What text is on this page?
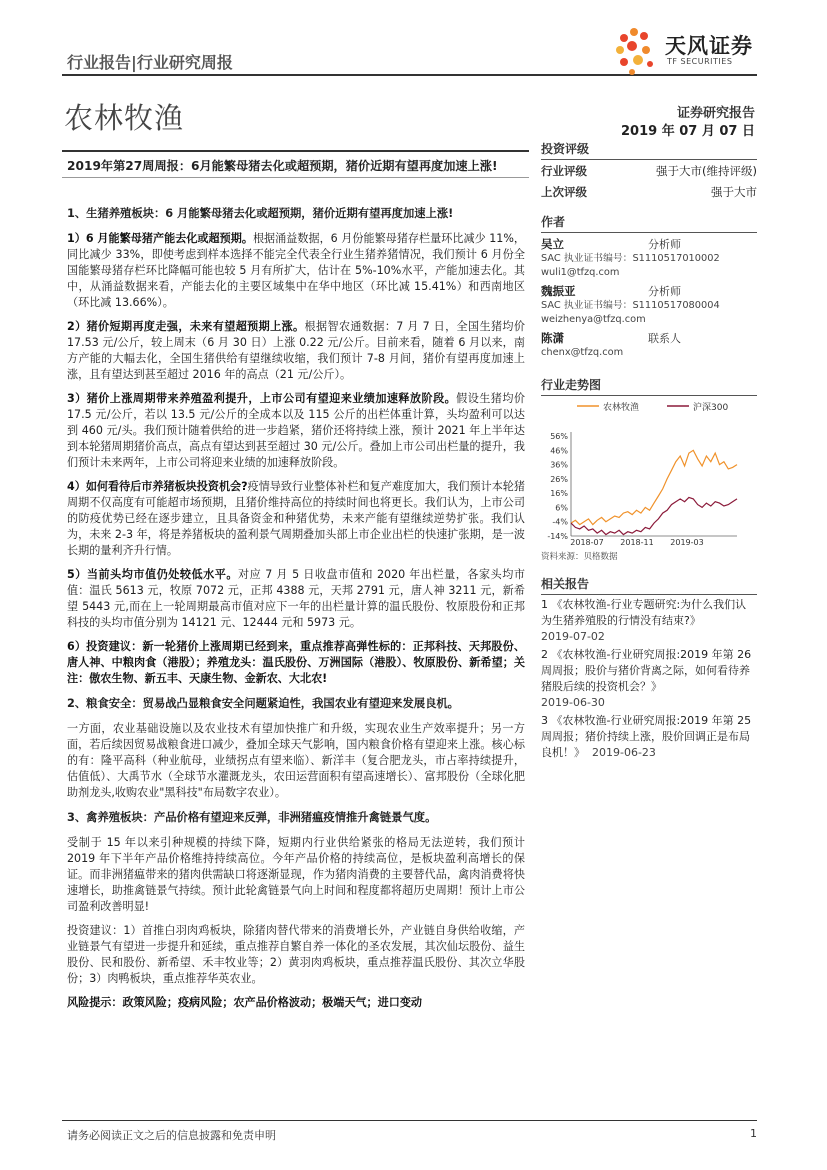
行业报告|行业研究周报
农林牧渔
天风证券
TF SECURITIES
证券研究报告
2019 年 07 月 07 日
2019年第27周周报：6月能繁母猪去化或超预期，猪价近期有望再度加速上涨!
1、生猪养殖板块：6 月能繁母猪去化或超预期，猪价近期有望再度加速上涨!

1）6 月能繁母猪产能去化或超预期。根据涌益数据，6 月份能繁母猪存栏量环比减少 11%，同比减少 33%，即使考虑到样本选择不能完全代表全行业生猪养猪情况，我们预计 6 月份全国能繁母猪存栏环比降幅可能也较 5 月有所扩大，估计在 5%-10%水平，产能加速去化。其中，从涌益数据来看，产能去化的主要区域集中在华中地区（环比减 15.41%）和西南地区（环比减 13.66%）。

2）猪价短期再度走强，未来有望超预期上涨。根据智农通数据：7 月 7 日，全国生猪均价 17.53 元/公斤，较上周末（6 月 30 日）上涨 0.22 元/公斤。目前来看，随着 6 月以来，南方产能的大幅去化，全国生猪供给有望继续收缩，我们预计 7-8 月间，猪价有望再度加速上涨，且有望达到甚至超过 2016 年的高点（21 元/公斤）。

3）猪价上涨周期带来养殖盈利提升，上市公司有望迎来业绩加速释放阶段。假设生猪均价 17.5 元/公斤，若以 13.5 元/公斤的全成本以及 115 公斤的出栏体重计算，头均盈利可以达到 460 元/头。我们预计随着供给的进一步趋紧，猪价还将持续上涨，预计 2021 年上半年达到本轮猪周期猪价高点，高点有望达到甚至超过 30 元/公斤。叠加上市公司出栏量的提升，我们预计未来两年，上市公司将迎来业绩的加速释放阶段。

4）如何看待后市养猪板块投资机会?疫情导致行业整体补栏和复产难度加大，我们预计本轮猪周期不仅高度有可能超市场预期，且猪价维持高位的持续时间也将更长。我们认为，上市公司的防疫优势已经在逐步建立，且具备资金和种猪优势，未来产能有望继续逆势扩张。我们认为，未来 2-3 年，将是养猪板块的盈利景气周期叠加头部上市企业出栏的快速扩张期，是一波长期的量利齐升行情。

5）当前头均市值仍处较低水平。对应 7 月 5 日收盘市值和 2020 年出栏量，各家头均市值：温氏 5613 元，牧原 7072 元，正邦 4388 元，天邦 2791 元，唐人神 3211 元，新希望 5443 元,而在上一轮周期最高市值对应下一年的出栏量计算的温氏股份、牧原股份和正邦科技的头均市值分别为 14121 元、12444 元和 5973 元。

6）投资建议：新一轮猪价上涨周期已经到来，重点推荐高弹性标的：正邦科技、天邦股份、唐人神、中粮肉食（港股）；养殖龙头：温氏股份、万洲国际（港股）、牧原股份、新希望；关注：傲农生物、新五丰、天康生物、金新农、大北农!

2、粮食安全：贸易战凸显粮食安全问题紧迫性，我国农业有望迎来发展良机。

一方面，农业基础设施以及农业技术有望加快推广和升级，实现农业生产效率提升；另一方面，若后续因贸易战粮食进口减少，叠加全球天气影响，国内粮食价格有望迎来上涨。核心标的有：隆平高科（种业航母，业绩拐点有望来临）、新洋丰（复合肥龙头，市占率持续提升，估值低）、大禹节水（全球节水灌溉龙头，农田运营面积有望高速增长）、富邦股份（全球化肥助剂龙头,收购农业"黑科技"布局数字农业）。

3、禽养殖板块：产品价格有望迎来反弹，非洲猪瘟疫情推升禽链景气度。

受制于 15 年以来引种规模的持续下降，短期内行业供给紧张的格局无法逆转，我们预计 2019 年下半年产品价格维持持续高位。今年产品价格的持续高位，是板块盈利高增长的保证。而非洲猪瘟带来的猪肉供需缺口将逐渐显现，作为猪肉消费的主要替代品，禽肉消费将快速增长，助推禽链景气持续。预计此轮禽链景气向上时间和程度都将超历史周期！预计上市公司盈利改善明显!

投资建议：1）首推白羽肉鸡板块，除猪肉替代带来的消费增长外，产业链自身供给收缩，产业链景气有望进一步提升和延续，重点推荐自繁自养一体化的圣农发展，其次仙坛股份、益生股份、民和股份、新希望、禾丰牧业等；2）黄羽肉鸡板块，重点推荐温氏股份、其次立华股份；3）肉鸭板块，重点推荐华英农业。

风险提示：政策风险；疫病风险；农产品价格波动；极端天气；进口变动

投资评级
行业评级	强于大市(维持评级)
上次评级	强于大市
作者
吴立	分析师
SAC 执业证书编号：S1110517010002
wuli1@tfzq.com
魏振亚	分析师
SAC 执业证书编号：S1110517080004
weizhenya@tfzq.com
陈潇	联系人
chenx@tfzq.com
行业走势图
农林牧渔	沪深300
56%
46%
36%
26%
16%
6%
-4%
-14%
2018-07 2018-11 2019-03
资料来源：贝格数据
相关报告
1 《农林牧渔-行业专题研究:为什么我们认为生猪养殖股的行情没有结束?》
2019-07-02
2 《农林牧渔-行业研究周报:2019 年第 26 周周报；股价与猪价背离之际，如何看待养猪股后续的投资机会？》
2019-06-30
3 《农林牧渔-行业研究周报:2019 年第 25 周周报；猪价持续上涨，股价回调正是布局良机！》 2019-06-23
请务必阅读正文之后的信息披露和免责申明	1
